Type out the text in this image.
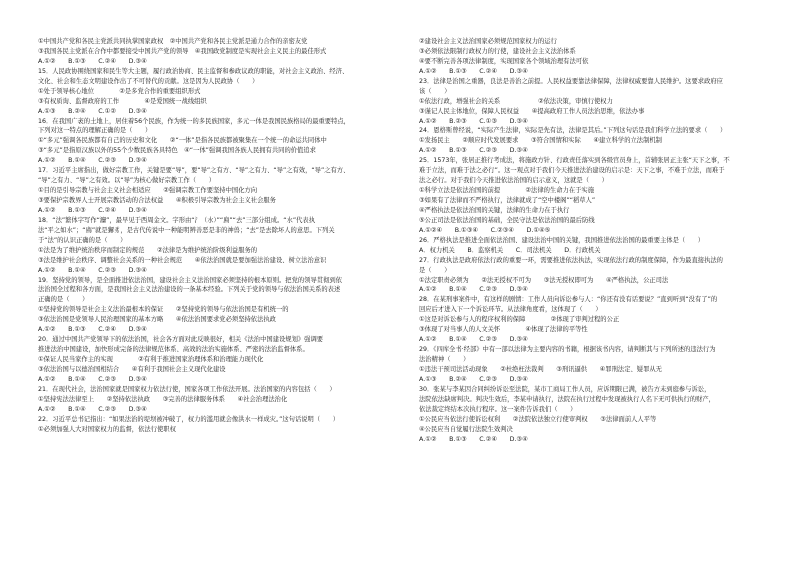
①中国共产党和各民主党派共同执掌国家政权　②中国共产党和各民主党派是通力合作的亲密友党
③我国各民主党派在合作中都要接受中国共产党的领导　④我国政党制度是实现社会主义民主的最佳形式
A.①②　　B.①③　　C.②④　　D.③④
15．人民政协围绕国家和民生等大主题，履行政治协商、民主监督和参政议政的职能，对社会主义政治、经济、
文化、社会和生态文明建设作出了不可替代的贡献。这是因为人民政协（　　）
①处于领导核心地位　　　　②是多党合作的重要组织形式
③有权质询、监督政府的工作　　　　④是爱国统一战线组织
A.①③　　B.②④　　C.①②　　D.③④
16．在我国广袤的土地上，居住着56个民族，作为统一的多民族国家，多元一体是我国民族格局的最重要特点，
下列对这一特点的理解正确的是（　　）
①“多元”强调各民族都有自己的历史和文化　　②“一体”是指各民族都被聚集在一个统一的命运共同体中
③“多元”是指原汉族以外的55个少数民族各具特色　④“一体”强调我国各族人民拥有共同的价值追求
A.①②　　B.①④　　C.②③　　D.③④
17．习近平主席指出，做好宗教工作，关键是要“导”，要“导”之有方、“导”之有力、“导”之有效，“导”之有方、
“导”之有力、“导”之有效。以“导”为核心做好宗教工作（　　）
①目的是引导宗教与社会主义社会相适应　　②强调宗教工作要坚持中国化方向
③要保护宗教界人士开展宗教活动的合法权益　　④积极引导宗教为社会主义社会服务
A.①②　　B.①③　　C.②④　　D.③④
18．“法”繁体字写作“灋”，最早见于西周金文。字形由“氵（水）”“廌”“去”三部分组成。“水”代表执
法“平之如水”；“廌”就是獬豸，是古代传说中一种能明辨善恶是非的神兽；“去”是去除坏人的意思。下列关
于“法”的认识正确的是（　　）
①法是为了维护统治秩序而制定的规范　　②法律是为维护统治阶级利益服务的
③法是维护社会秩序、调整社会关系的一种社会规范　　④依法治国就是要加强法治建设、树立法治意识
A.①②　　B.①④　　C.②③　　D.③④
19．坚持党的领导，是全面推进依法治国，建设社会主义法治国家必须坚持的根本原则。把党的领导贯彻到依
法治国全过程和各方面，是我国社会主义法治建设的一条基本经验。下列关于党的领导与依法治国关系的表述
正确的是（　　）
①坚持党的领导是社会主义法治最根本的保证　　②坚持党的领导与依法治国是有机统一的
③依法治国是党领导人民治理国家的基本方略　　④依法治国要求党必须坚持依法执政
A.①②　　B.①③　　C.②④　　D.③④
20．通过中国共产党领导下的依法治国，社会各方面对此反映很好，相关《法治中国建设规划》强调要
推进法治中国建设，加快形成完备的法律规范体系、高效的法治实施体系、严密的法治监督体系。
①保证人民当家作主的实现　　　　②有利于推进国家治理体系和治理能力现代化
③依法治国与以德治国相结合　　④有利于我国社会主义现代化建设
A.①②　　B.①④　　C.②③　　D.③④
21．在现代社会，法治国家就是国家权力依法行使，国家各项工作依法开展。法治国家的内容包括（　　）
①坚持宪法法律至上　　②坚持依法执政　　③完善的法律服务体系　　④社会治理法治化
A.①②　　B.①④　　C.②③　　D.③④
22．习近平总书记指出：“如果法治的堤坝被冲破了，权力的滥用就会像洪水一样成灾。”这句话说明（　　）
①必须加强人大对国家权力的监督，依法行使职权
②建设社会主义法治国家必须规范国家权力的运行
③必须依法限制行政权力的行使，建设社会主义法治体系
④要不断完善各项法律制度，实现国家各个领域治理有法可依
A.①②　　B.①③　　C.②④　　D.③④
23．法律是治国之重器，良法是善治之前提。人民权益要靠法律保障，法律权威要靠人民维护。这要求政府应
该（　　）
①依法行政，增强社会的关系　　　　　　②依法决策，审慎行使权力
③谨记人民主体地位，保障人民权益　　④提高政府工作人员法治思维，依法办事
A.①②　　B.②③　　C.①③　　D.③④
24．恩格斯曾经说，“实际产生法律，实际是先有法，法律是其后。”下列这句话是我们科学立法的要求（　　）
①发扬民主　　②顺应时代发展要求　　③符合国情和实际　　④建立科学的立法制机制
A.①②　　B.①③　　C.②③　　D.③④
25．1573年，张居正推行考成法，将施政方针、行政责任落实到各级官员身上，首辅张居正主张“天下之事，不
难于立法，而难于法之必行”。这一观点对于我们今天推进法治建设的启示是：天下之事，不难于立法，而难于
法之必行。对于我们今天推进依法治国的启示意义，这就是（　　）
①科学立法是依法治国的前提　　　　②法律的生命力在于实施
③如果有了法律而不严格执行，法律就成了“空中楼阁”“稻草人”
④严格执法是依法治国的关键，法律的生命力在于执行
⑤公正司法是依法治国的基础，全民守法是依法治国的最后防线
A.①②④　　B.①③④　　C.②③④　　D.①④⑤
26．严格执法是推进全面依法治国、建设法治中国的关键，我国推进依法治国的最重要主体是（　　）
A．权力机关　　B．监察机关　　C．司法机关　　D．行政机关
27．行政执法是政府依法行政的重要一环，需要推进依法执法，实现依法行政的制度保障，作为最直接执法的
是（　　）
①法定职责必须为　　②法无授权不可为　　③法无授权即可为　　④严格执法，公正司法
A.①②　　B.①④　　C.②③　　D.③④
28．在某刑事案件中，有这样的剧情：工作人员向诉讼参与人：“你还有没有话要说？”直到听到“没有了”的
回应后才进入下一个诉讼环节。从法律角度看，这体现了（　　）
①这是对诉讼参与人的程序权利的保障　　　　②体现了审判过程的公正
③体现了对当事人的人文关怀　　　　④体现了法律的平等性
A.①②　　B.①④　　C.②③　　D.③④
29．《四库全书·经部》中有一部以法律为主要内容的书籍，根据该书内容，请判断其与下列所述的违法行为
法治精神（　　）
①违法干预司法活动现象　　②杜绝枉法裁判　　③刑讯逼供　　④罪刑法定、疑罪从无
A.①③　　B.②④　　C.②③　　D.③④
30．张某与李某因合同纠纷诉讼至法院，某市工商局工作人员，应诉期限已满，被告方未到庭参与诉讼，
法院依法缺席判决。判决生效后，李某申请执行，法院在执行过程中发现被执行人名下无可供执行的财产，
依法裁定终结本次执行程序。这一案件告诉我们（　　）
①公民应当依法行使诉讼权利　　②法院依法独立行使审判权　　③法律面前人人平等
④公民应当自觉履行法院生效判决
A.①②　　B.①③　　C.②④　　D.③④
